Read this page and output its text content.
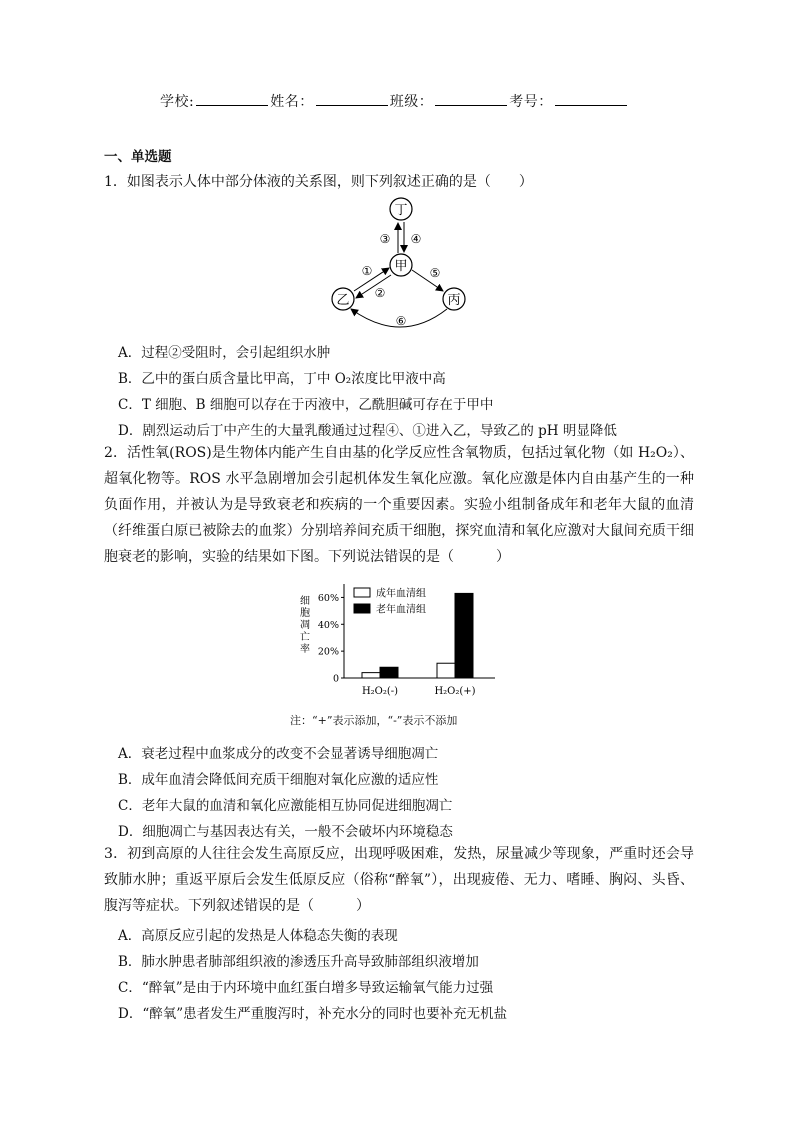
学校:	姓名：	班级：	考号：
一、单选题
1．如图表示人体中部分体液的关系图，则下列叙述正确的是（　　）
丁
甲
乙	丙
③ ④
①
②
⑤
⑥
A．过程②受阻时，会引起组织水肿
B．乙中的蛋白质含量比甲高，丁中 O₂浓度比甲液中高
C．T 细胞、B 细胞可以存在于丙液中，乙酰胆碱可存在于甲中
D．剧烈运动后丁中产生的大量乳酸通过过程④、①进入乙，导致乙的 pH 明显降低
2．活性氧(ROS)是生物体内能产生自由基的化学反应性含氧物质，包括过氧化物（如 H₂O₂）、超氧化物等。ROS 水平急剧增加会引起机体发生氧化应激。氧化应激是体内自由基产生的一种负面作用，并被认为是导致衰老和疾病的一个重要因素。实验小组制备成年和老年大鼠的血清（纤维蛋白原已被除去的血浆）分别培养间充质干细胞，探究血清和氧化应激对大鼠间充质干细胞衰老的影响，实验的结果如下图。下列说法错误的是（　　　）
细胞凋亡率
0
20%
40%
60%
H₂O₂(-)	H₂O₂(+)
成年血清组
老年血清组
注：“+”表示添加，“-”表示不添加
A．衰老过程中血浆成分的改变不会显著诱导细胞凋亡
B．成年血清会降低间充质干细胞对氧化应激的适应性
C．老年大鼠的血清和氧化应激能相互协同促进细胞凋亡
D．细胞凋亡与基因表达有关，一般不会破坏内环境稳态
3．初到高原的人往往会发生高原反应，出现呼吸困难，发热，尿量减少等现象，严重时还会导致肺水肿；重返平原后会发生低原反应（俗称“醉氧”），出现疲倦、无力、嗜睡、胸闷、头昏、腹泻等症状。下列叙述错误的是（　　　）
A．高原反应引起的发热是人体稳态失衡的表现
B．肺水肿患者肺部组织液的渗透压升高导致肺部组织液增加
C．“醉氧”是由于内环境中血红蛋白增多导致运输氧气能力过强
D．“醉氧”患者发生严重腹泻时，补充水分的同时也要补充无机盐
